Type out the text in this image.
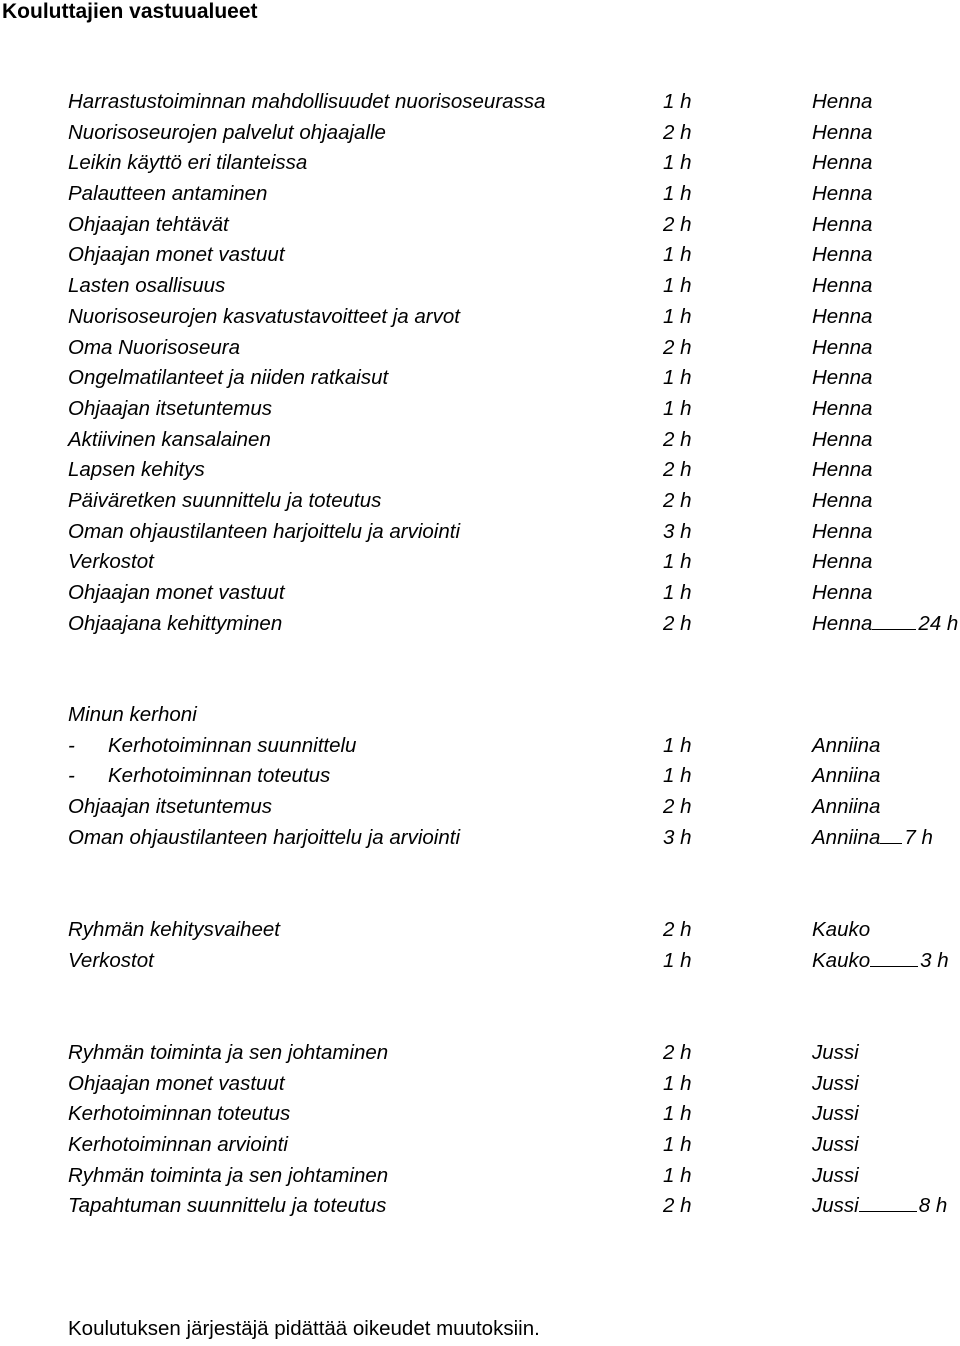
Kouluttajien vastuualueet
Harrastustoiminnan mahdollisuudet nuorisoseurassa	1 h	Henna
Nuorisoseurojen palvelut ohjaajalle	2 h	Henna
Leikin käyttö eri tilanteissa	1 h	Henna
Palautteen antaminen	1 h	Henna
Ohjaajan tehtävät	2 h	Henna
Ohjaajan monet vastuut	1 h	Henna
Lasten osallisuus	1 h	Henna
Nuorisoseurojen kasvatustavoitteet ja arvot	1 h	Henna
Oma Nuorisoseura	2 h	Henna
Ongelmatilanteet ja niiden ratkaisut	1 h	Henna
Ohjaajan itsetuntemus	1 h	Henna
Aktiivinen kansalainen	2 h	Henna
Lapsen kehitys	2 h	Henna
Päiväretken suunnittelu ja toteutus	2 h	Henna
Oman ohjaustilanteen harjoittelu ja arviointi	3 h	Henna
Verkostot	1 h	Henna
Ohjaajan monet vastuut	1 h	Henna
Ohjaajana kehittyminen	2 h	Henna 24 h
Minun kerhoni
- Kerhotoiminnan suunnittelu	1 h	Anniina
- Kerhotoiminnan toteutus	1 h	Anniina
Ohjaajan itsetuntemus	2 h	Anniina
Oman ohjaustilanteen harjoittelu ja arviointi	3 h	Anniina 7 h
Ryhmän kehitysvaiheet	2 h	Kauko
Verkostot	1 h	Kauko 3 h
Ryhmän toiminta ja sen johtaminen	2 h	Jussi
Ohjaajan monet vastuut	1 h	Jussi
Kerhotoiminnan toteutus	1 h	Jussi
Kerhotoiminnan arviointi	1 h	Jussi
Ryhmän toiminta ja sen johtaminen	1 h	Jussi
Tapahtuman suunnittelu ja toteutus	2 h	Jussi	8 h
Koulutuksen järjestäjä pidättää oikeudet muutoksiin.
